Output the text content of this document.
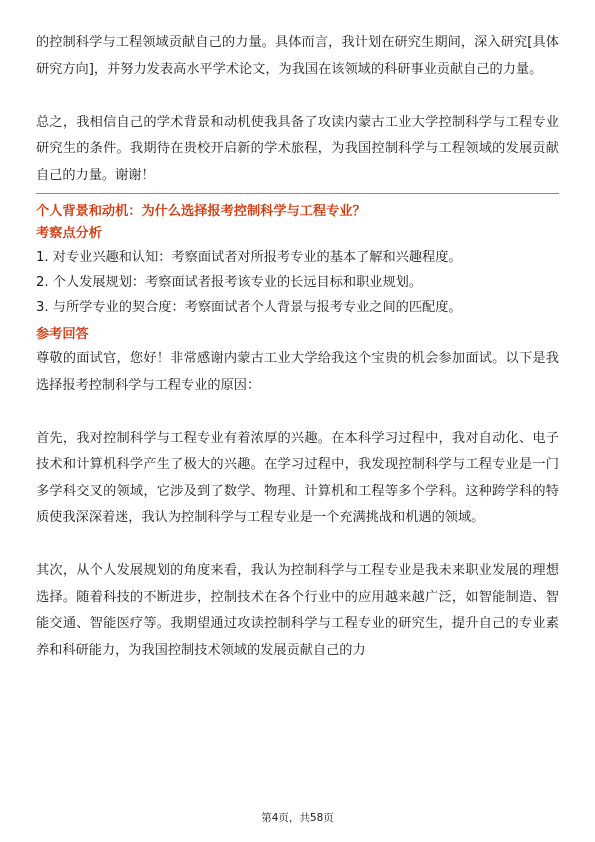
的控制科学与工程领域贡献自己的力量。具体而言，我计划在研究生期间，深入研究[具体研究方向]，并努力发表高水平学术论文，为我国在该领域的科研事业贡献自己的力量。

总之，我相信自己的学术背景和动机使我具备了攻读内蒙古工业大学控制科学与工程专业研究生的条件。我期待在贵校开启新的学术旅程，为我国控制科学与工程领域的发展贡献自己的力量。谢谢！

个人背景和动机：为什么选择报考控制科学与工程专业？

考察点分析

1. 对专业兴趣和认知：考察面试者对所报考专业的基本了解和兴趣程度。

2. 个人发展规划：考察面试者报考该专业的长远目标和职业规划。

3. 与所学专业的契合度：考察面试者个人背景与报考专业之间的匹配度。

参考回答

尊敬的面试官，您好！非常感谢内蒙古工业大学给我这个宝贵的机会参加面试。以下是我选择报考控制科学与工程专业的原因：

首先，我对控制科学与工程专业有着浓厚的兴趣。在本科学习过程中，我对自动化、电子技术和计算机科学产生了极大的兴趣。在学习过程中，我发现控制科学与工程专业是一门多学科交叉的领域，它涉及到了数学、物理、计算机和工程等多个学科。这种跨学科的特质使我深深着迷，我认为控制科学与工程专业是一个充满挑战和机遇的领域。

其次，从个人发展规划的角度来看，我认为控制科学与工程专业是我未来职业发展的理想选择。随着科技的不断进步，控制技术在各个行业中的应用越来越广泛，如智能制造、智能交通、智能医疗等。我期望通过攻读控制科学与工程专业的研究生，提升自己的专业素养和科研能力，为我国控制技术领域的发展贡献自己的力

第4页，共58页
